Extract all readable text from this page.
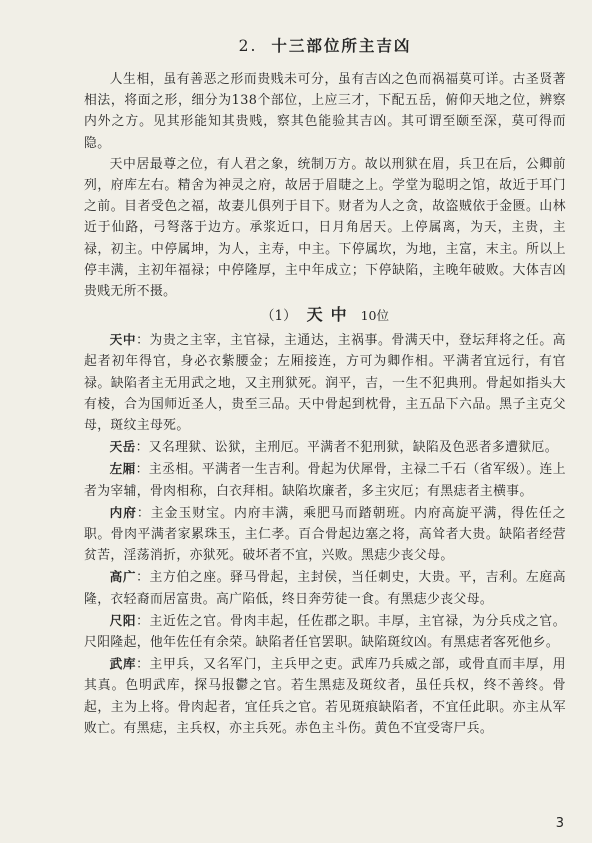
2. 十三部位所主吉凶

人生相，虽有善恶之形而贵贱未可分，虽有吉凶之色而祸福莫可详。古圣贤著相法，将面之形，细分为138个部位，上应三才，下配五岳，俯仰天地之位，辨察内外之方。见其形能知其贵贱，察其色能验其吉凶。其可谓至颐至深，莫可得而隐。

天中居最尊之位，有人君之象，统制万方。故以刑狱在眉，兵卫在后，公卿前列，府库左右。精舍为神灵之府，故居于眉睫之上。学堂为聪明之馆，故近于耳门之前。目者受色之福，故妻儿俱列于目下。财者为人之贪，故盗贼依于金匮。山林近于仙路，弓弩落于边方。承浆近口，日月角居天。上停属离，为天，主贵，主禄，初主。中停属坤，为人，主寿，中主。下停属坎，为地，主富，末主。所以上停丰满，主初年福禄；中停隆厚，主中年成立；下停缺陷，主晚年破败。大体吉凶贵贱无所不摄。

（1） 天中 10位

天中：为贵之主宰，主官禄，主通达，主祸事。骨满天中，登坛拜将之任。高起者初年得官，身必衣紫腰金；左厢接连，方可为卿作相。平满者宜远行，有官禄。缺陷者主无用武之地，又主刑狱死。润平，吉，一生不犯典刑。骨起如指头大有棱，合为国师近圣人，贵至三品。天中骨起到枕骨，主五品下六品。黑子主克父母，斑纹主母死。

天岳：又名理狱、讼狱，主刑厄。平满者不犯刑狱，缺陷及色恶者多遭狱厄。

左厢：主丞相。平满者一生吉利。骨起为伏犀骨，主禄二千石（省军级）。连上者为宰辅，骨肉相称，白衣拜相。缺陷坎廉者，多主灾厄；有黑痣者主横事。

内府：主金玉财宝。内府丰满，乘肥马而踏朝班。内府高旋平满，得佐任之职。骨肉平满者家累珠玉，主仁孝。百合骨起边塞之将，高耸者大贵。缺陷者经营贫苦，淫荡消折，亦狱死。破坏者不宜，兴败。黑痣少丧父母。

高广：主方伯之座。驿马骨起，主封侯，当任刺史，大贵。平，吉利。左庭高隆，衣轻裔而居富贵。高广陷低，终日奔劳徒一食。有黑痣少丧父母。

尺阳：主近佐之官。骨肉丰起，任佐郡之职。丰厚，主官禄，为分兵戍之官。尺阳隆起，他年佐任有余荣。缺陷者任官罢职。缺陷斑纹凶。有黑痣者客死他乡。

武库：主甲兵，又名军门，主兵甲之吏。武库乃兵威之部，或骨直而丰厚，用其真。色明武库，探马报鬱之官。若生黑痣及斑纹者，虽任兵权，终不善终。骨起，主为上将。骨肉起者，宜任兵之官。若见斑痕缺陷者，不宜任此职。亦主从军败亡。有黑痣，主兵权，亦主兵死。赤色主斗伤。黄色不宜受寄尸兵。

3
